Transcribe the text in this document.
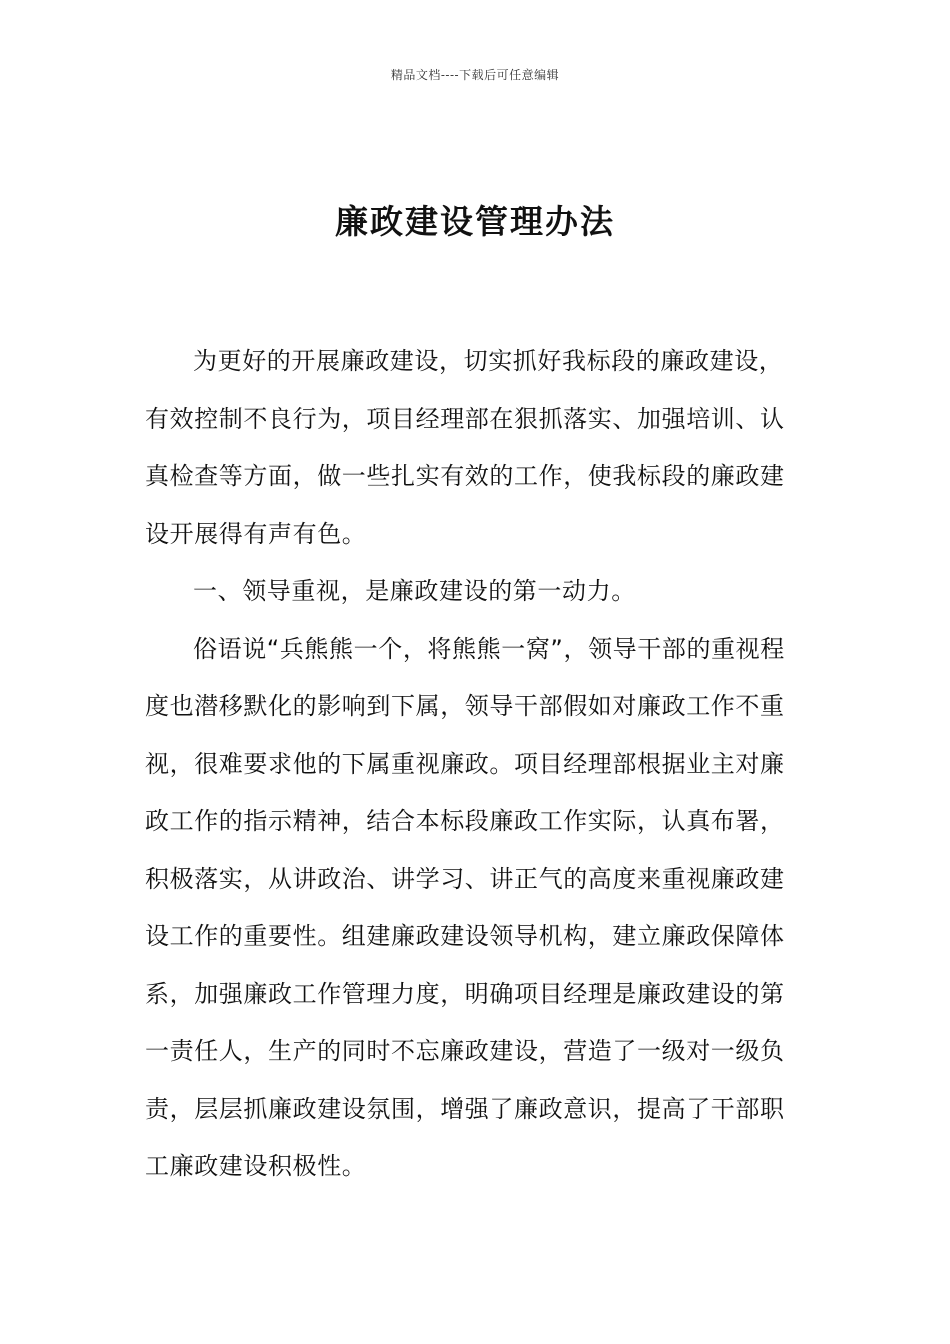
精品文档----下载后可任意编辑
廉政建设管理办法

为更好的开展廉政建设，切实抓好我标段的廉政建设，有效控制不良行为，项目经理部在狠抓落实、加强培训、认真检查等方面，做一些扎实有效的工作，使我标段的廉政建设开展得有声有色。

一、领导重视，是廉政建设的第一动力。

俗语说“兵熊熊一个，将熊熊一窝”，领导干部的重视程度也潜移默化的影响到下属，领导干部假如对廉政工作不重视，很难要求他的下属重视廉政。项目经理部根据业主对廉政工作的指示精神，结合本标段廉政工作实际，认真布署，积极落实，从讲政治、讲学习、讲正气的高度来重视廉政建设工作的重要性。组建廉政建设领导机构，建立廉政保障体系，加强廉政工作管理力度，明确项目经理是廉政建设的第一责任人，生产的同时不忘廉政建设，营造了一级对一级负责，层层抓廉政建设氛围，增强了廉政意识，提高了干部职工廉政建设积极性。
